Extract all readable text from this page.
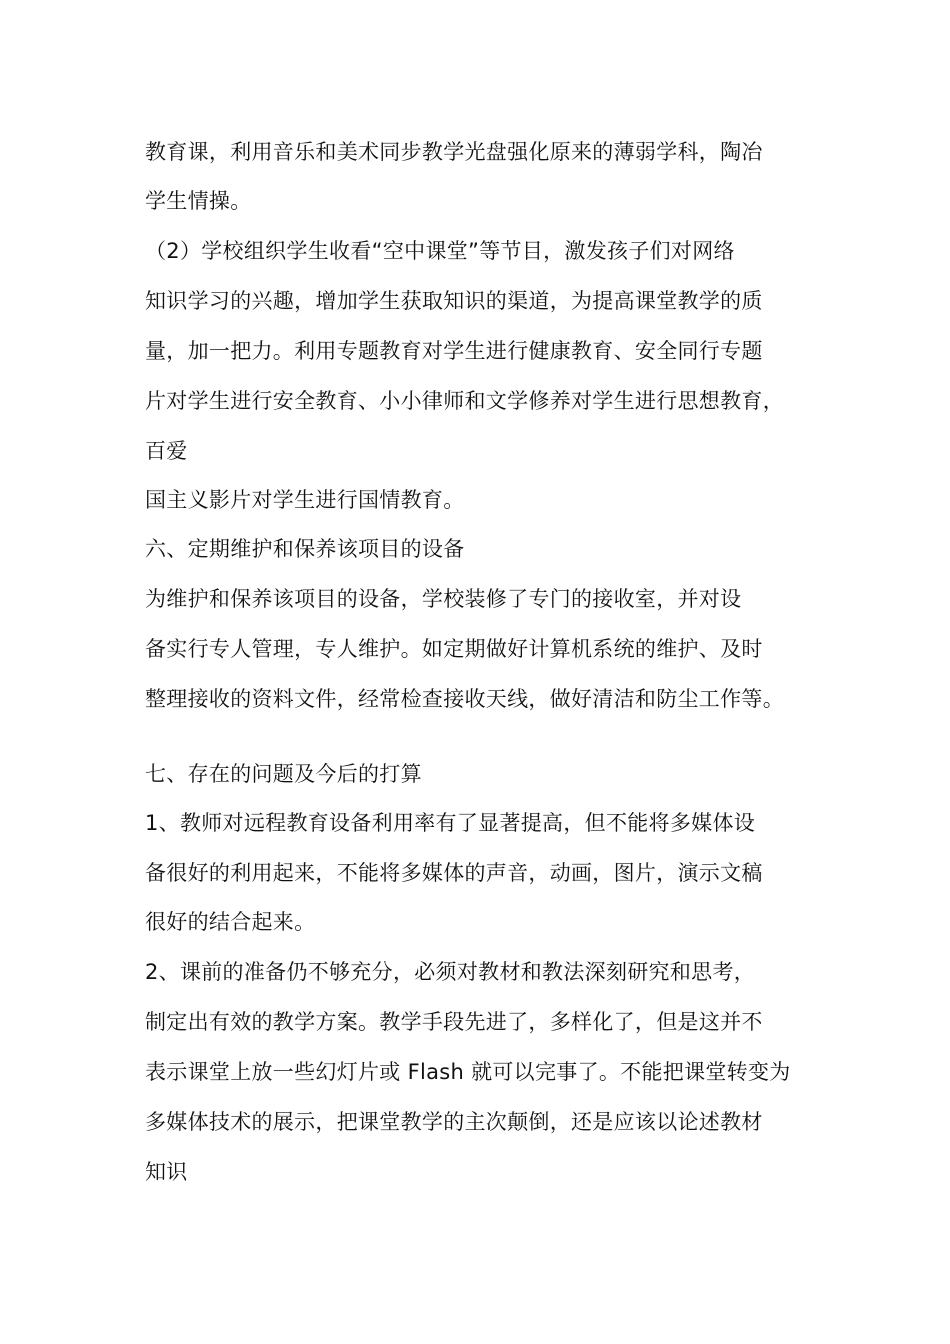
教育课，利用音乐和美术同步教学光盘强化原来的薄弱学科，陶冶
学生情操。
（2）学校组织学生收看“空中课堂”等节目，激发孩子们对网络
知识学习的兴趣，增加学生获取知识的渠道，为提高课堂教学的质
量，加一把力。利用专题教育对学生进行健康教育、安全同行专题
片对学生进行安全教育、小小律师和文学修养对学生进行思想教育，
百爱
国主义影片对学生进行国情教育。
六、定期维护和保养该项目的设备
为维护和保养该项目的设备，学校装修了专门的接收室，并对设
备实行专人管理，专人维护。如定期做好计算机系统的维护、及时
整理接收的资料文件，经常检查接收天线，做好清洁和防尘工作等。
七、存在的问题及今后的打算
1、教师对远程教育设备利用率有了显著提高，但不能将多媒体设
备很好的利用起来，不能将多媒体的声音，动画，图片，演示文稿
很好的结合起来。
2、课前的准备仍不够充分，必须对教材和教法深刻研究和思考，
制定出有效的教学方案。教学手段先进了，多样化了，但是这并不
表示课堂上放一些幻灯片或 Flash 就可以完事了。不能把课堂转变为
多媒体技术的展示，把课堂教学的主次颠倒，还是应该以论述教材
知识
